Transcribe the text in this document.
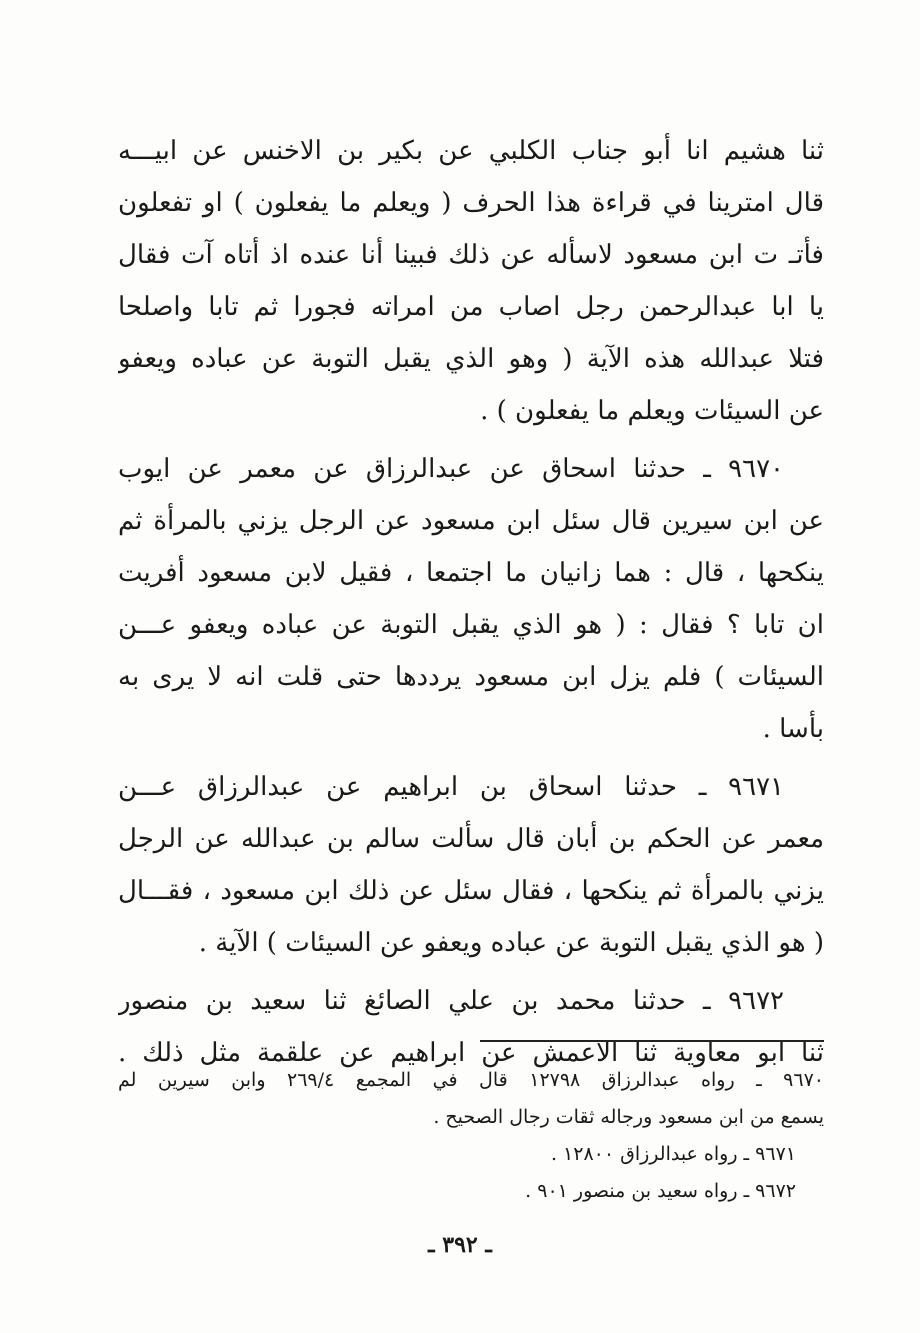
ثنا هشيم انا أبو جناب الكلبي عن بكير بن الاخنس عن ابيـــه
قال امترينا في قراءة هذا الحرف ( ويعلم ما يفعلون ) او تفعلون
فأتـ ت ابن مسعود لاسأله عن ذلك فبينا أنا عنده اذ أتاه آت فقال
يا ابا عبدالرحمن رجل اصاب من امراته فجورا ثم تابا واصلحا
فتلا عبدالله هذه الآية ( وهو الذي يقبل التوبة عن عباده ويعفو
عن السيئات ويعلم ما يفعلون ) .
٩٦٧٠ ـ حدثنا اسحاق عن عبدالرزاق عن معمر عن ايوب
عن ابن سيرين قال سئل ابن مسعود عن الرجل يزني بالمرأة ثم
ينكحها ، قال : هما زانيان ما اجتمعا ، فقيل لابن مسعود أفريت
ان تابا ؟ فقال : ( هو الذي يقبل التوبة عن عباده ويعفو عـــن
السيئات ) فلم يزل ابن مسعود يرددها حتى قلت انه لا يرى به
بأسا .
٩٦٧١ ـ حدثنا اسحاق بن ابراهيم عن عبدالرزاق عـــن
معمر عن الحكم بن أبان قال سألت سالم بن عبدالله عن الرجل
يزني بالمرأة ثم ينكحها ، فقال سئل عن ذلك ابن مسعود ، فقـــال
( هو الذي يقبل التوبة عن عباده ويعفو عن السيئات ) الآية .
٩٦٧٢ ـ حدثنا محمد بن علي الصائغ ثنا سعيد بن منصور
ثنا ابو معاوية ثنا الاعمش عن ابراهيم عن علقمة مثل ذلك .
٩٦٧٠ ـ رواه عبدالرزاق ١٢٧٩٨ قال في المجمع ٢٦٩/٤ وابن سيرين لم
يسمع من ابن مسعود ورجاله ثقات رجال الصحيح .
٩٦٧١ ـ رواه عبدالرزاق ١٢٨٠٠ .
٩٦٧٢ ـ رواه سعيد بن منصور ٩٠١ .
ـ ٣٩٢ ـ
